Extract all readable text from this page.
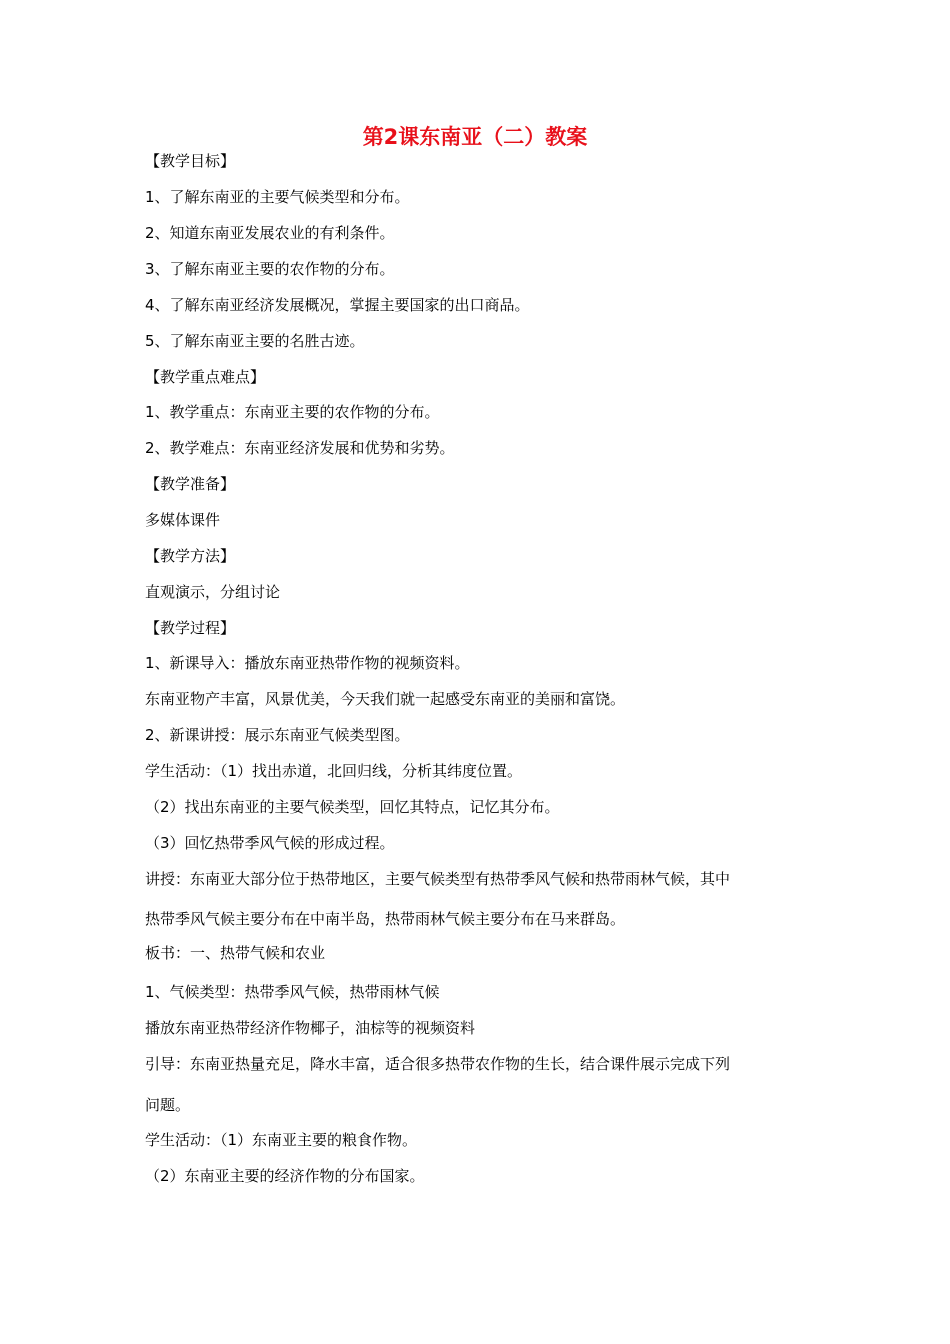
第2课东南亚（二）教案
【教学目标】
1、了解东南亚的主要气候类型和分布。
2、知道东南亚发展农业的有利条件。
3、了解东南亚主要的农作物的分布。
4、了解东南亚经济发展概况，掌握主要国家的出口商品。
5、了解东南亚主要的名胜古迹。
【教学重点难点】
1、教学重点：东南亚主要的农作物的分布。
2、教学难点：东南亚经济发展和优势和劣势。
【教学准备】
多媒体课件
【教学方法】
直观演示，分组讨论
【教学过程】
1、新课导入：播放东南亚热带作物的视频资料。
东南亚物产丰富，风景优美，今天我们就一起感受东南亚的美丽和富饶。
2、新课讲授：展示东南亚气候类型图。
学生活动：（1）找出赤道，北回归线，分析其纬度位置。
（2）找出东南亚的主要气候类型，回忆其特点，记忆其分布。
（3）回忆热带季风气候的形成过程。
讲授：东南亚大部分位于热带地区，主要气候类型有热带季风气候和热带雨林气候，其中
热带季风气候主要分布在中南半岛，热带雨林气候主要分布在马来群岛。
板书：一、热带气候和农业
1、气候类型：热带季风气候，热带雨林气候
播放东南亚热带经济作物椰子，油棕等的视频资料
引导：东南亚热量充足，降水丰富，适合很多热带农作物的生长，结合课件展示完成下列
问题。
学生活动：（1）东南亚主要的粮食作物。
（2）东南亚主要的经济作物的分布国家。
